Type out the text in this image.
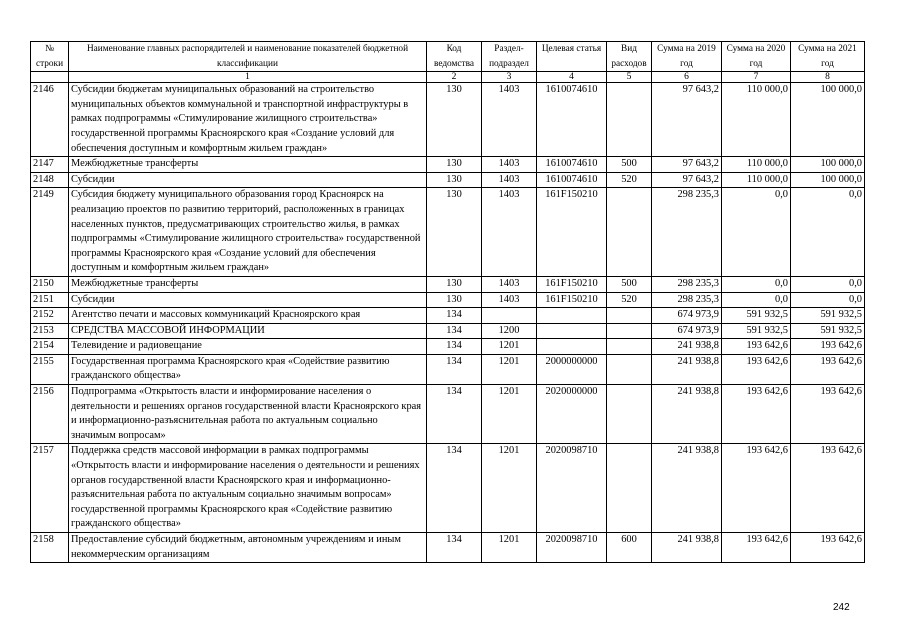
№ строки	Наименование главных распорядителей и наименование показателей бюджетной классификации	Код ведомства	Раздел-подраздел	Целевая статья	Вид расходов	Сумма на 2019 год	Сумма на 2020 год	Сумма на 2021 год
	1	2	3	4	5	6	7	8
2146	Субсидии бюджетам муниципальных образований на строительство муниципальных объектов коммунальной и транспортной инфраструктуры в рамках подпрограммы «Стимулирование жилищного строительства» государственной программы Красноярского края «Создание условий для обеспечения доступным и комфортным жильем граждан»	130	1403	1610074610		97 643,2	110 000,0	100 000,0
2147	Межбюджетные трансферты	130	1403	1610074610	500	97 643,2	110 000,0	100 000,0
2148	Субсидии	130	1403	1610074610	520	97 643,2	110 000,0	100 000,0
2149	Субсидия бюджету муниципального образования город Красноярск на реализацию проектов по развитию территорий, расположенных в границах населенных пунктов, предусматривающих строительство жилья, в рамках подпрограммы «Стимулирование жилищного строительства» государственной программы Красноярского края «Создание условий для обеспечения доступным и комфортным жильем граждан»	130	1403	161F150210		298 235,3	0,0	0,0
2150	Межбюджетные трансферты	130	1403	161F150210	500	298 235,3	0,0	0,0
2151	Субсидии	130	1403	161F150210	520	298 235,3	0,0	0,0
2152	Агентство печати и массовых коммуникаций Красноярского края	134				674 973,9	591 932,5	591 932,5
2153	СРЕДСТВА МАССОВОЙ ИНФОРМАЦИИ	134	1200			674 973,9	591 932,5	591 932,5
2154	Телевидение и радиовещание	134	1201			241 938,8	193 642,6	193 642,6
2155	Государственная программа Красноярского края «Содействие развитию гражданского общества»	134	1201	2000000000		241 938,8	193 642,6	193 642,6
2156	Подпрограмма «Открытость власти и информирование населения о деятельности и решениях органов государственной власти Красноярского края и информационно-разъяснительная работа по актуальным социально значимым вопросам»	134	1201	2020000000		241 938,8	193 642,6	193 642,6
2157	Поддержка средств массовой информации в рамках подпрограммы «Открытость власти и информирование населения о деятельности и решениях органов государственной власти Красноярского края и информационно-разъяснительная работа по актуальным социально значимым вопросам» государственной программы Красноярского края «Содействие развитию гражданского общества»	134	1201	2020098710		241 938,8	193 642,6	193 642,6
2158	Предоставление субсидий бюджетным, автономным учреждениям и иным некоммерческим организациям	134	1201	2020098710	600	241 938,8	193 642,6	193 642,6
242
